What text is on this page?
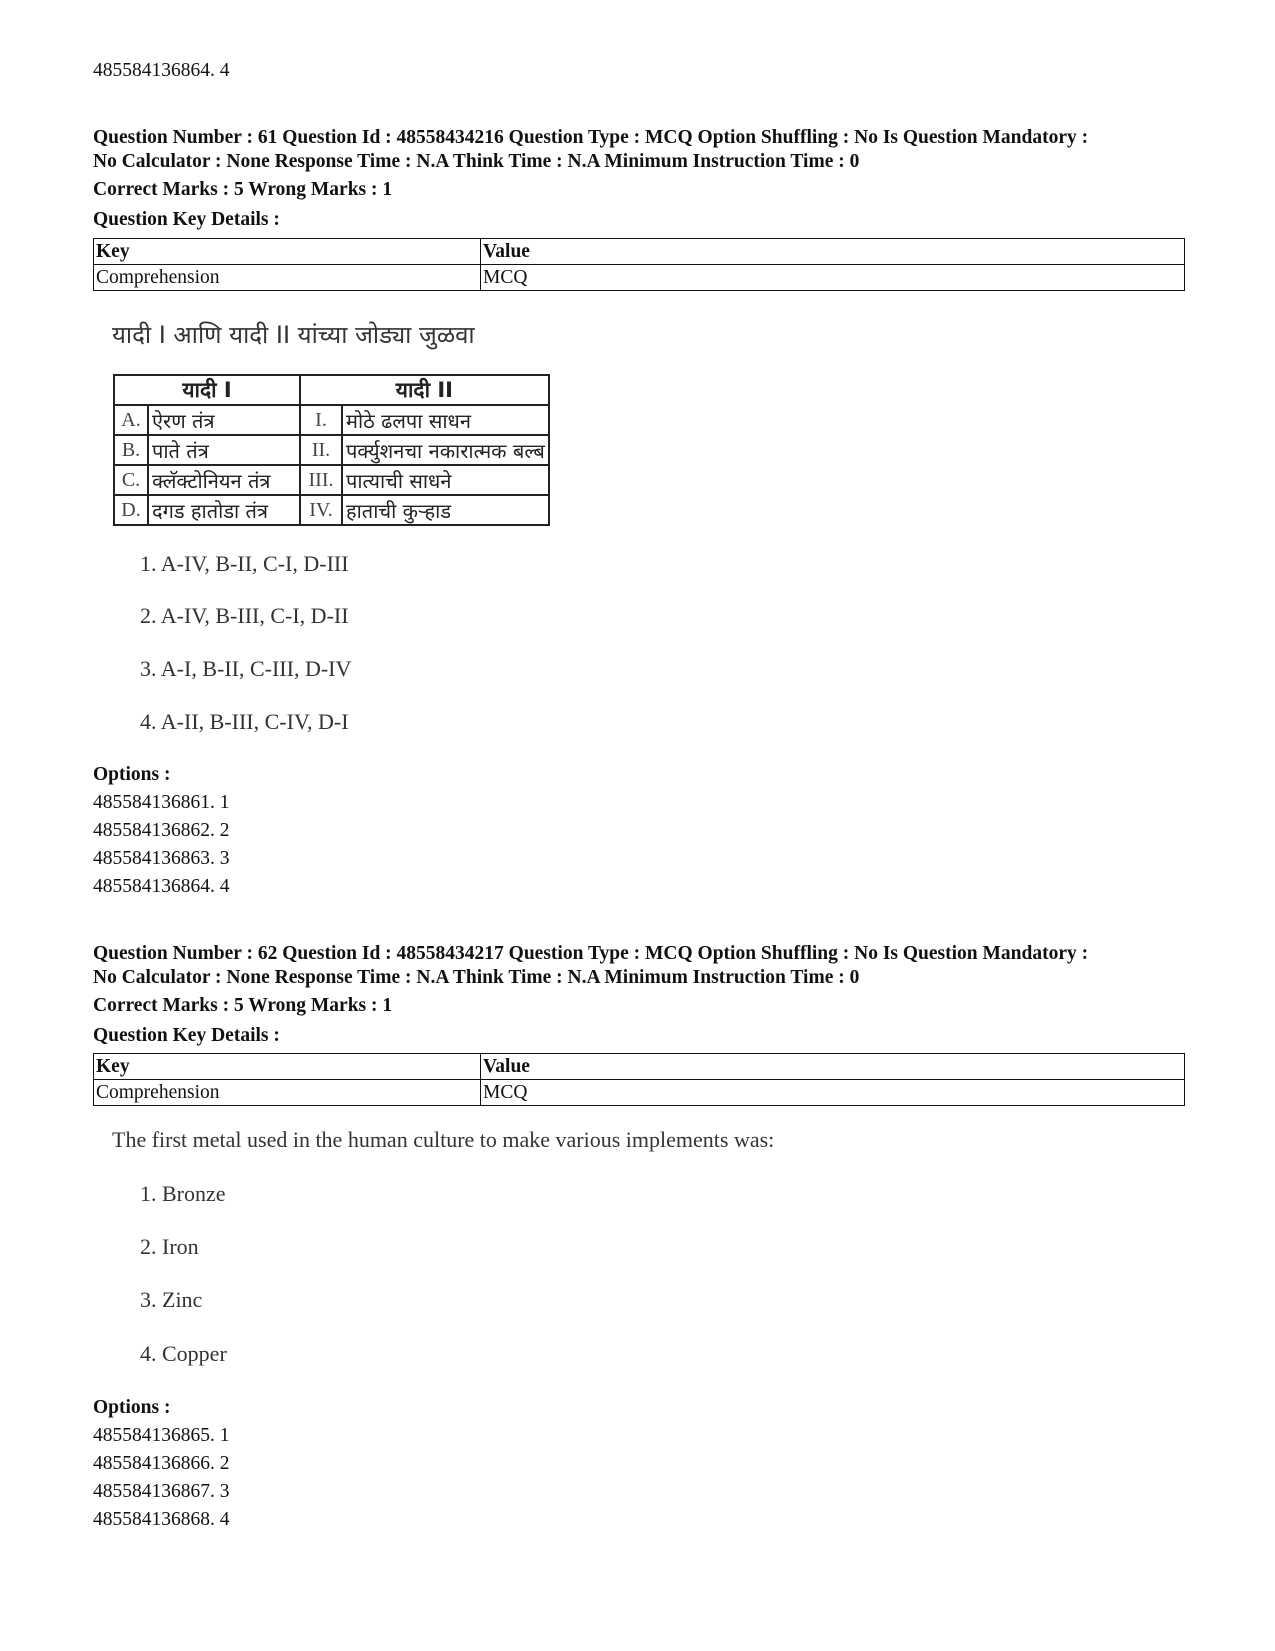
485584136864. 4
Question Number : 61 Question Id : 48558434216 Question Type : MCQ Option Shuffling : No Is Question Mandatory :
No Calculator : None Response Time : N.A Think Time : N.A Minimum Instruction Time : 0
Correct Marks : 5 Wrong Marks : 1
Question Key Details :
Key	Value
Comprehension	MCQ
यादी I आणि यादी II यांच्या जोड्या जुळवा
यादी I		यादी II	
A.	ऐरण तंत्र	I.	मोठे ढलपा साधन
B.	पाते तंत्र	II.	पर्क्युशनचा नकारात्मक बल्ब
C.	क्लॅक्टोनियन तंत्र	III.	पात्याची साधने
D.	दगड हातोडा तंत्र	IV.	हाताची कुऱ्हाड
1. A-IV, B-II, C-I, D-III
2. A-IV, B-III, C-I, D-II
3. A-I, B-II, C-III, D-IV
4. A-II, B-III, C-IV, D-I
Options :
485584136861. 1
485584136862. 2
485584136863. 3
485584136864. 4
Question Number : 62 Question Id : 48558434217 Question Type : MCQ Option Shuffling : No Is Question Mandatory :
No Calculator : None Response Time : N.A Think Time : N.A Minimum Instruction Time : 0
Correct Marks : 5 Wrong Marks : 1
Question Key Details :
Key	Value
Comprehension	MCQ
The first metal used in the human culture to make various implements was:
1. Bronze
2. Iron
3. Zinc
4. Copper
Options :
485584136865. 1
485584136866. 2
485584136867. 3
485584136868. 4
